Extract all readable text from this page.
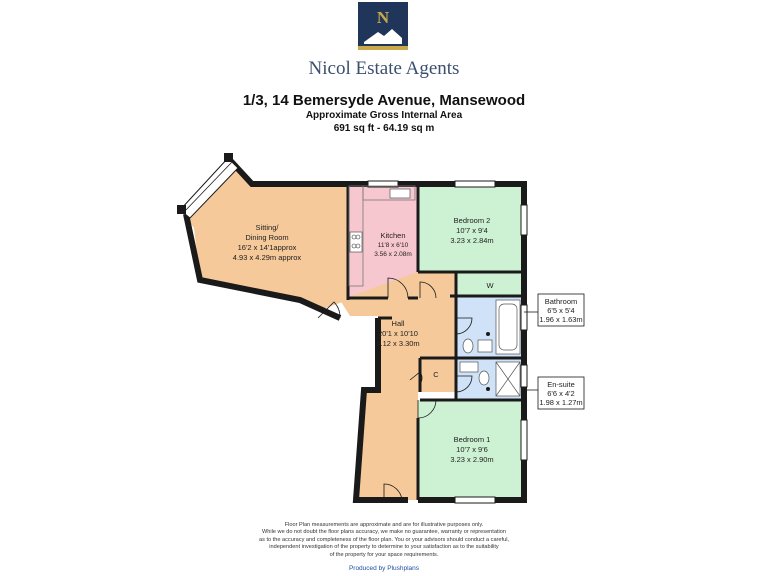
N
Nicol Estate Agents
1/3, 14 Bemersyde Avenue, Mansewood
Approximate Gross Internal Area
691 sq ft - 64.19 sq m
Sitting/
Dining Room
16'2 x 14'1approx
4.93 x 4.29m approx
Kitchen
11'8 x 6'10
3.56 x 2.08m
Bedroom 2
10'7 x 9'4
3.23 x 2.84m
W
Hall
20'1 x 10'10
6.12 x 3.30m
C
Bedroom 1
10'7 x 9'6
3.23 x 2.90m
Bathroom
6'5 x 5'4
1.96 x 1.63m
En-suite
6'6 x 4'2
1.98 x 1.27m
Floor Plan measurements are approximate and are for illustrative purposes only.
While we do not doubt the floor plans accuracy, we make no guarantee, warranty or representation
as to the accuracy and completeness of the floor plan. You or your advisors should conduct a careful,
independent investigation of the property to determine to your satisfaction as to the suitability
of the property for your space requirements.
Produced by Plushplans
